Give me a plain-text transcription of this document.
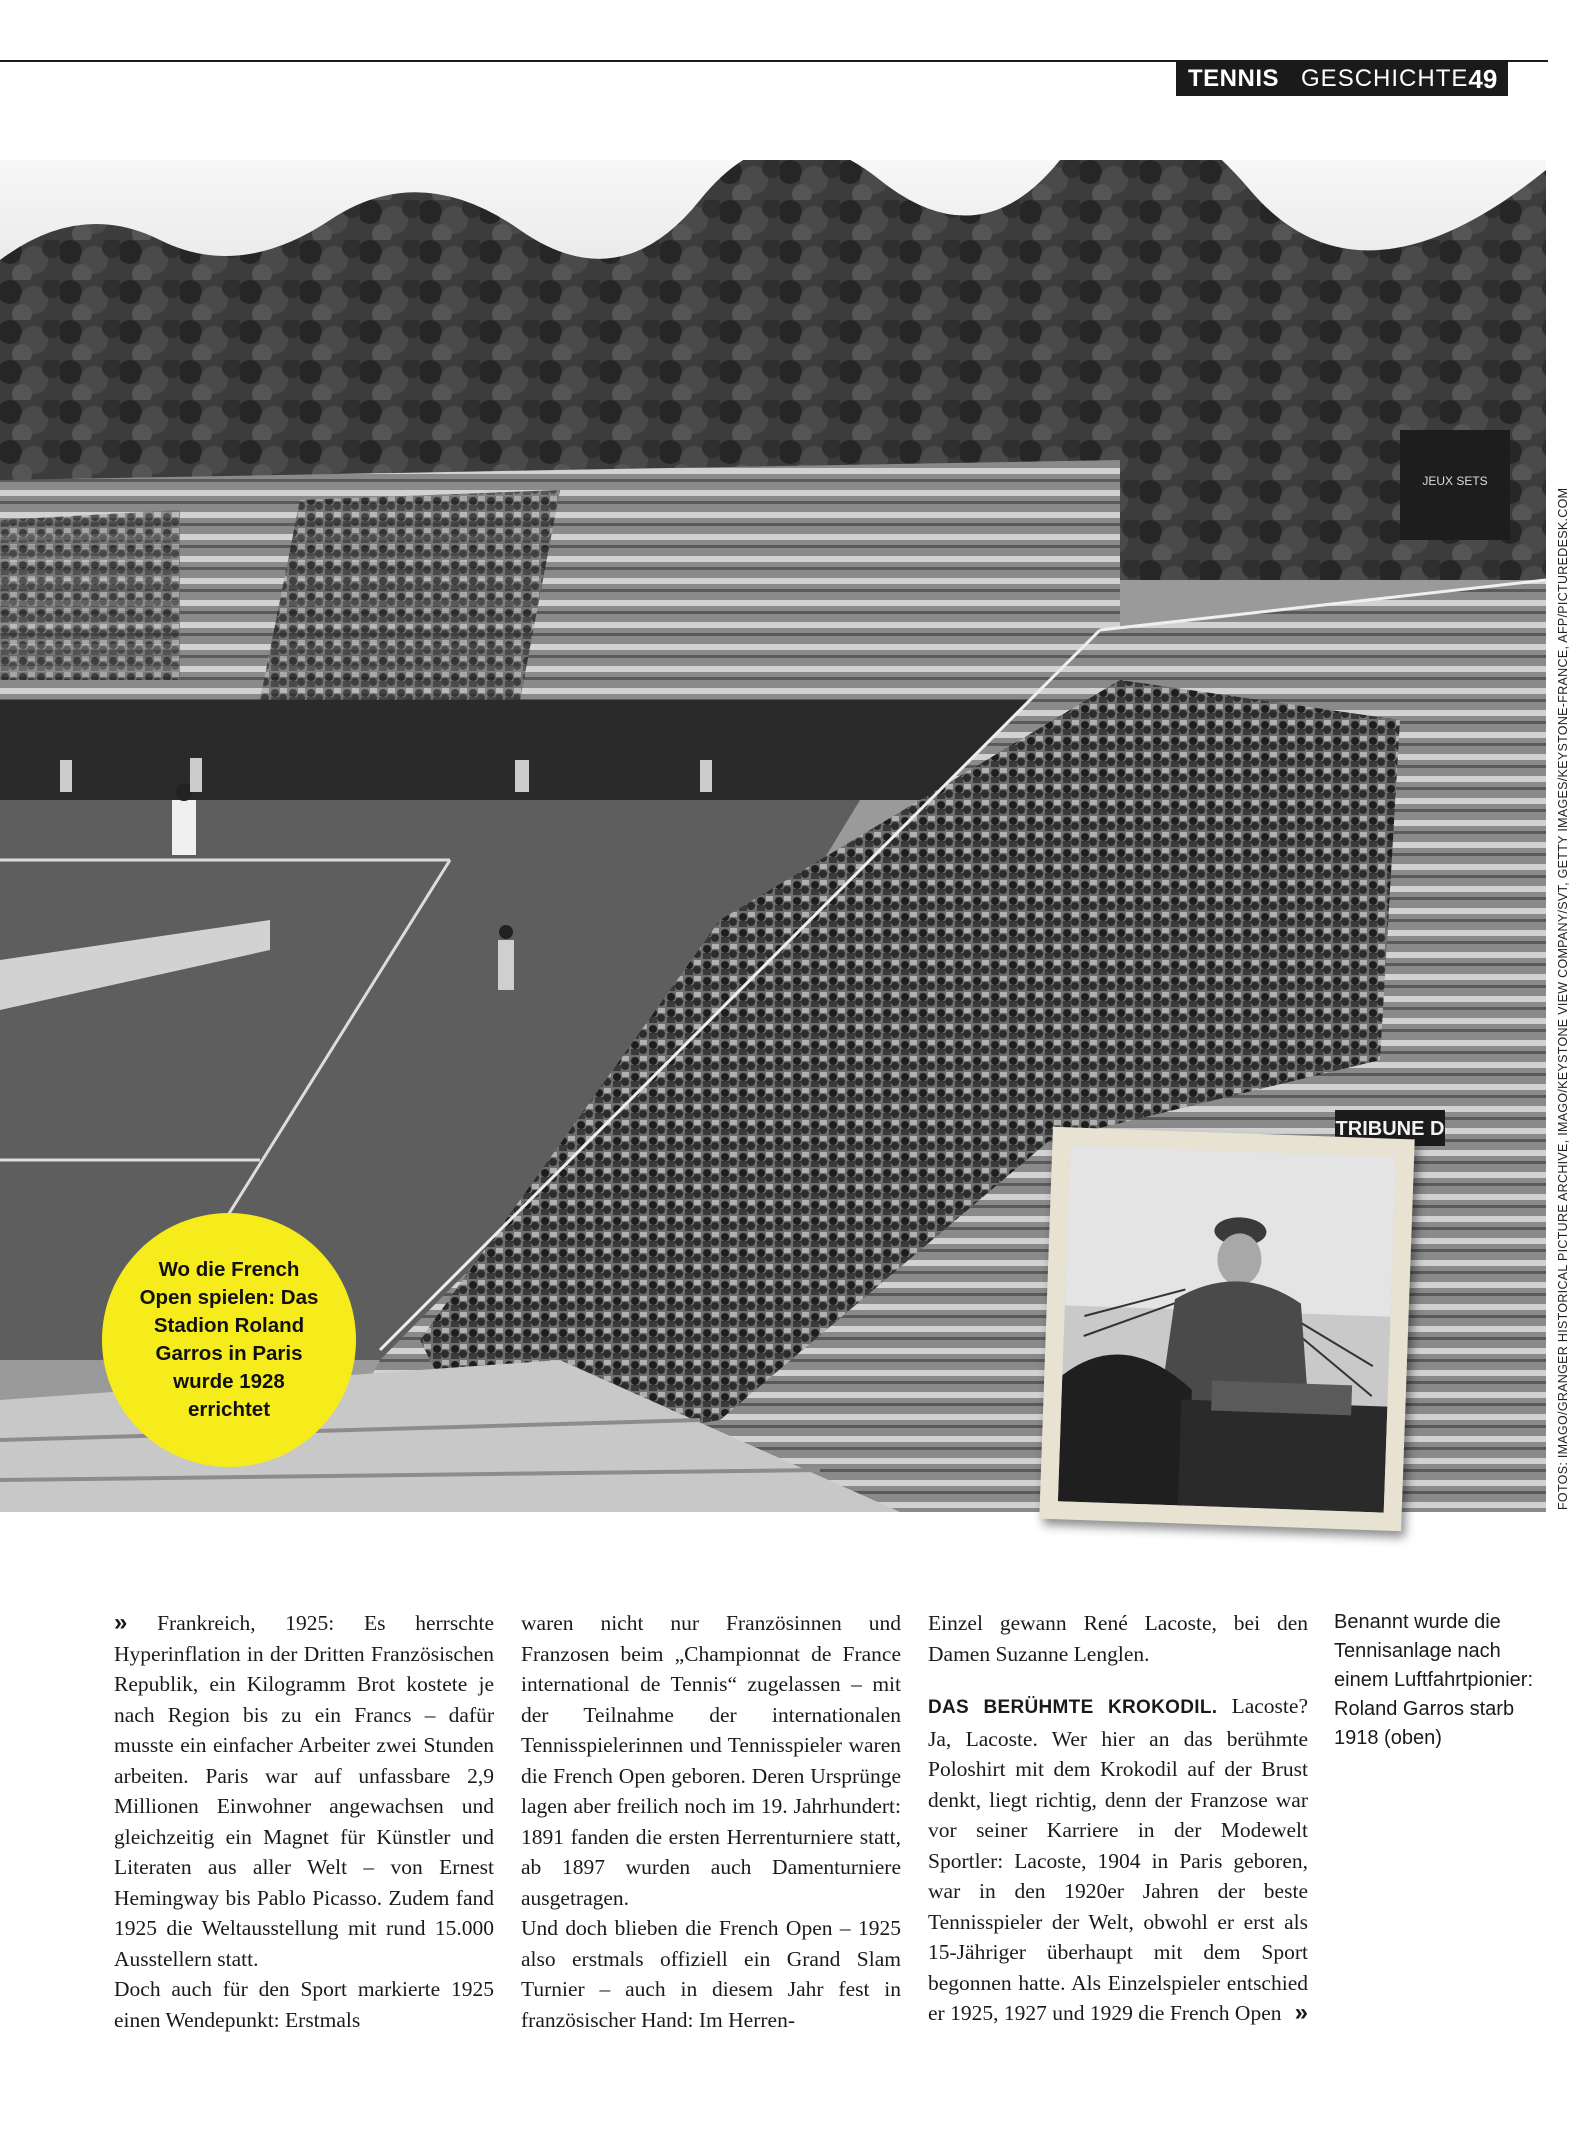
TENNIS GESCHICHTE 49
JEUX SETS
TRIBUNE D	FOTOS: IMAGO/GRANGER HISTORICAL PICTURE ARCHIVE, IMAGO/KEYSTONE VIEW COMPANY/SVT, GETTY IMAGES/KEYSTONE-FRANCE, AFP/PICTUREDESK.COM
Wo die French Open spielen: Das Stadion Roland Garros in Paris wurde 1928 errichtet

» Frankreich, 1925: Es herrschte Hyperinflation in der Dritten Französischen Republik, ein Kilogramm Brot kostete je nach Region bis zu ein Francs – dafür musste ein einfacher Arbeiter zwei Stunden arbeiten. Paris war auf unfassbare 2,9 Millionen Einwohner angewachsen und gleichzeitig ein Magnet für Künstler und Literaten aus aller Welt – von Ernest Hemingway bis Pablo Picasso. Zudem fand 1925 die Weltausstellung mit rund 15.000 Ausstellern statt.

Doch auch für den Sport markierte 1925 einen Wendepunkt: Erstmals

waren nicht nur Französinnen und Franzosen beim „Championnat de France international de Tennis“ zugelassen – mit der Teilnahme der internationalen Tennisspielerinnen und Tennisspieler waren die French Open geboren. Deren Ursprünge lagen aber freilich noch im 19. Jahrhundert: 1891 fanden die ersten Herrenturniere statt, ab 1897 wurden auch Damenturniere ausgetragen.

Und doch blieben die French Open – 1925 also erstmals offiziell ein Grand Slam Turnier – auch in diesem Jahr fest in französischer Hand: Im Herren-

Einzel gewann René Lacoste, bei den Damen Suzanne Lenglen.

DAS BERÜHMTE KROKODIL. Lacoste? Ja, Lacoste. Wer hier an das berühmte Poloshirt mit dem Krokodil auf der Brust denkt, liegt richtig, denn der Franzose war vor seiner Karriere in der Modewelt Sportler: Lacoste, 1904 in Paris geboren, war in den 1920er Jahren der beste Tennisspieler der Welt, obwohl er erst als 15-Jähriger überhaupt mit dem Sport begonnen hatte. Als Einzelspieler entschied er 1925, 1927 und 1929 die French Open »

Benannt wurde die Tennisanlage nach einem Luftfahrtpionier: Roland Garros starb 1918 (oben)
